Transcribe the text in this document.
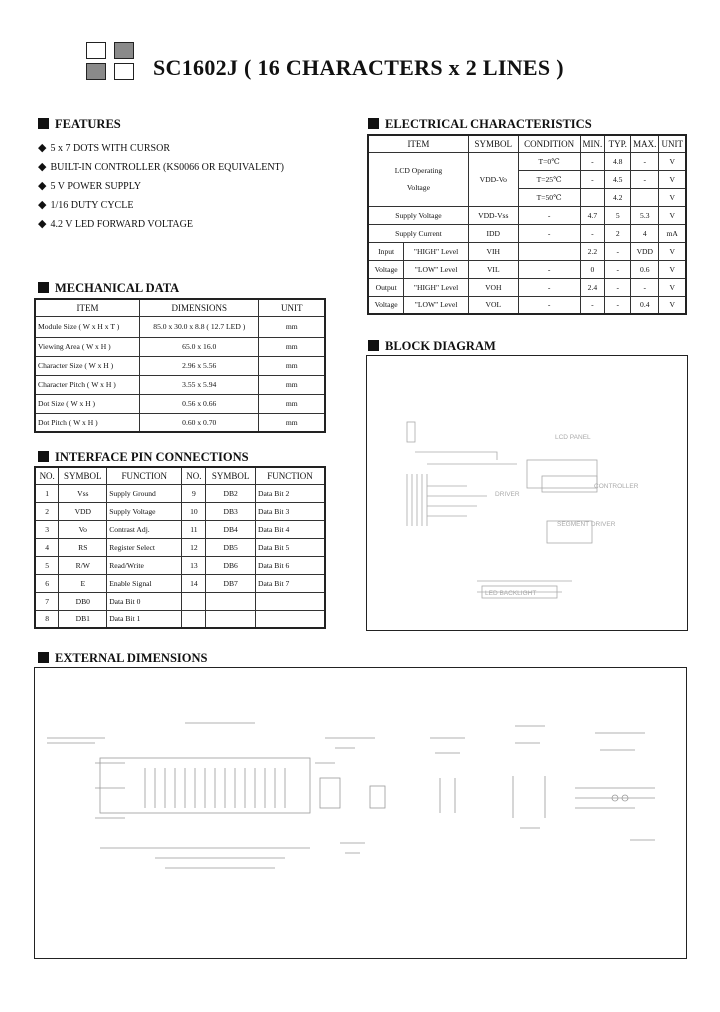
SC1602J ( 16 CHARACTERS x 2 LINES )
FEATURES
◆ 5 x 7 DOTS WITH CURSOR
◆ BUILT-IN CONTROLLER (KS0066 OR EQUIVALENT)
◆ 5 V POWER SUPPLY
◆ 1/16 DUTY CYCLE
◆ 4.2 V LED FORWARD VOLTAGE
ELECTRICAL CHARACTERISTICS
ITEM		SYMBOL	CONDITION	MIN.	TYP.	MAX.	UNIT

LCD Operating
Voltage		VDD-Vo	T=0℃	-	4.8	-	V
			T=25℃	-	4.5	-	V
			T=50℃		4.2		V
Supply Voltage		VDD-Vss	-	4.7	5	5.3	V
Supply Current		IDD	-	-	2	4	mA
Input	"HIGH" Level	VIH		2.2	-	VDD	V
Voltage	"LOW" Level	VIL	-	0	-	0.6	V
Output	"HIGH" Level	VOH	-	2.4	-	-	V
Voltage	"LOW" Level	VOL	-	-	-	0.4	V
MECHANICAL DATA
ITEM	DIMENSIONS	UNIT
Module Size ( W x H x T )	85.0 x 30.0 x 8.8 ( 12.7 LED )	mm
Viewing Area ( W x H )	65.0 x 16.0	mm
Character Size ( W x H )	2.96 x 5.56	mm
Character Pitch ( W x H )	3.55 x 5.94	mm
Dot Size ( W x H )	0.56 x 0.66	mm
Dot Pitch ( W x H )	0.60 x 0.70	mm
INTERFACE PIN CONNECTIONS
NO.	SYMBOL	FUNCTION	NO.	SYMBOL	FUNCTION
1	Vss	Supply Ground	9	DB2	Data Bit 2
2	VDD	Supply Voltage	10	DB3	Data Bit 3
3	Vo	Contrast Adj.	11	DB4	Data Bit 4
4	RS	Register Select	12	DB5	Data Bit 5
5	R/W	Read/Write	13	DB6	Data Bit 6
6	E	Enable Signal	14	DB7	Data Bit 7
7	DB0	Data Bit 0			
8	DB1	Data Bit 1			
BLOCK DIAGRAM
LCD PANEL
CONTROLLER
DRIVER
SEGMENT DRIVER
LED BACKLIGHT
EXTERNAL DIMENSIONS
